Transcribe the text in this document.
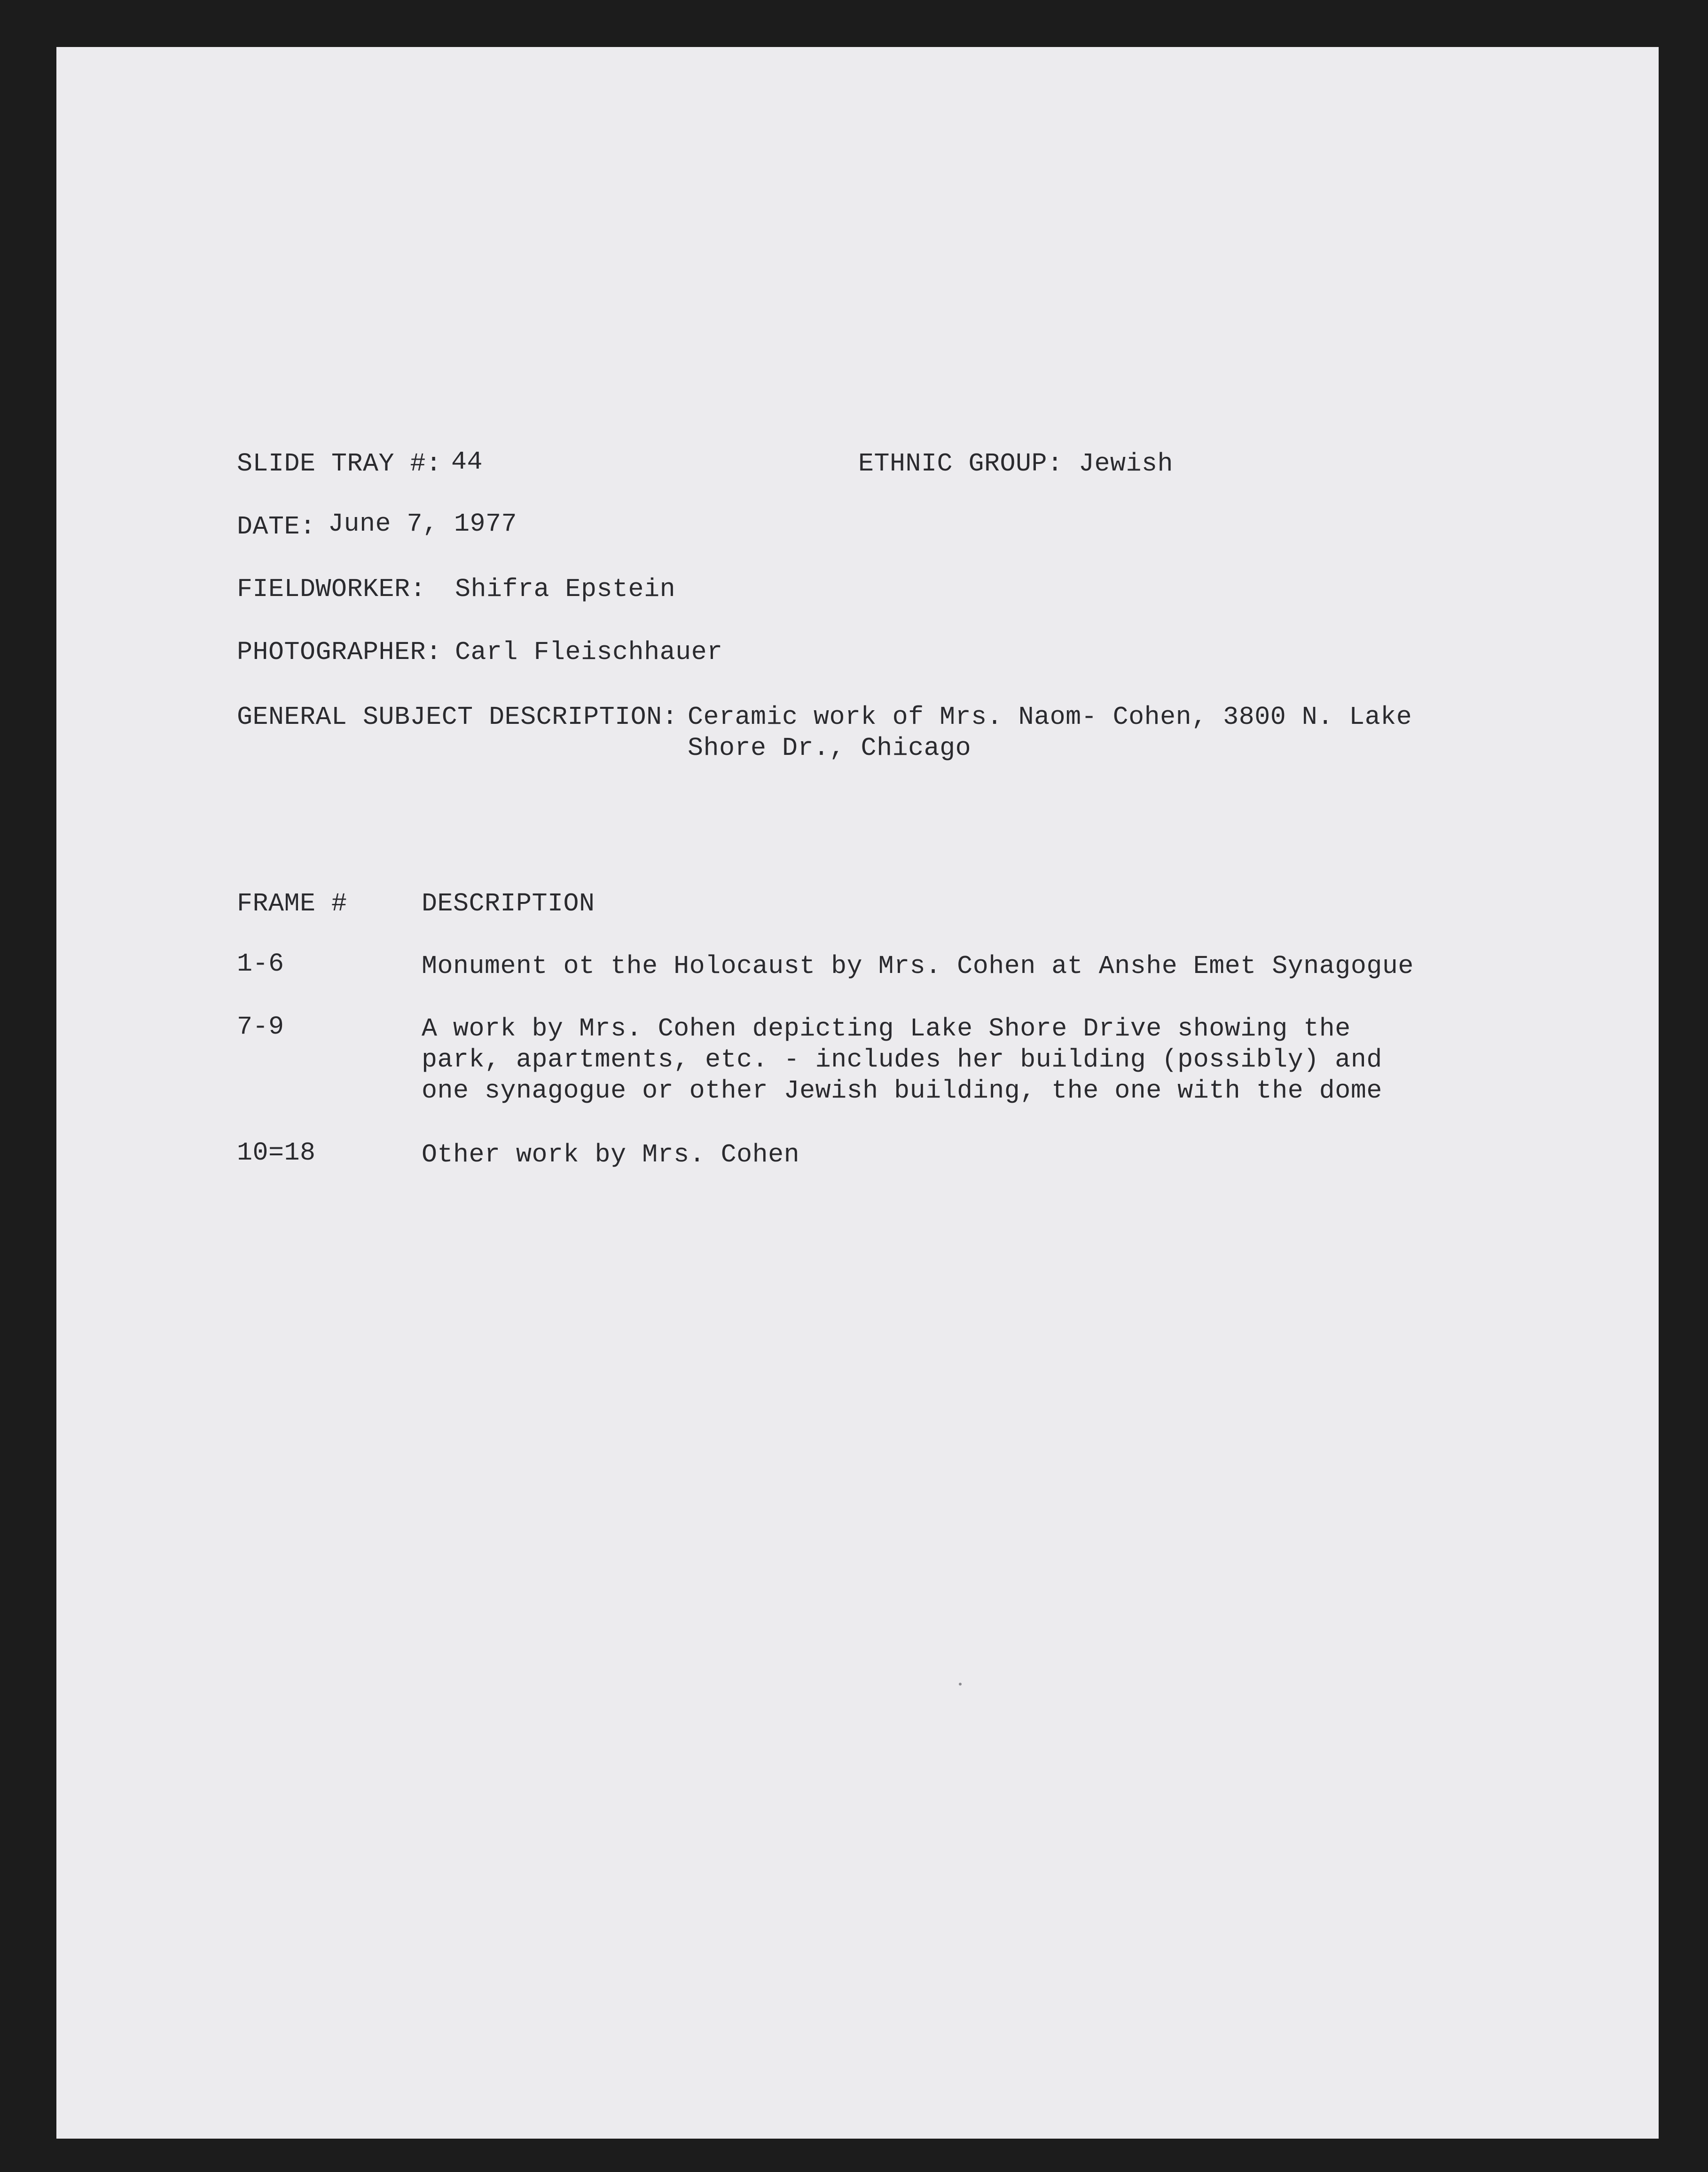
SLIDE TRAY #: 44	ETHNIC GROUP: Jewish
DATE: June 7, 1977
FIELDWORKER: Shifra Epstein
PHOTOGRAPHER: Carl Fleischhauer
GENERAL SUBJECT DESCRIPTION: Ceramic work of Mrs. Naom- Cohen, 3800 N. Lake
Shore Dr., Chicago
FRAME #	DESCRIPTION
1-6	Monument ot the Holocaust by Mrs. Cohen at Anshe Emet Synagogue
7-9	A work by Mrs. Cohen depicting Lake Shore Drive showing the
park, apartments, etc. - includes her building (possibly) and
one synagogue or other Jewish building, the one with the dome
10=18	Other work by Mrs. Cohen
